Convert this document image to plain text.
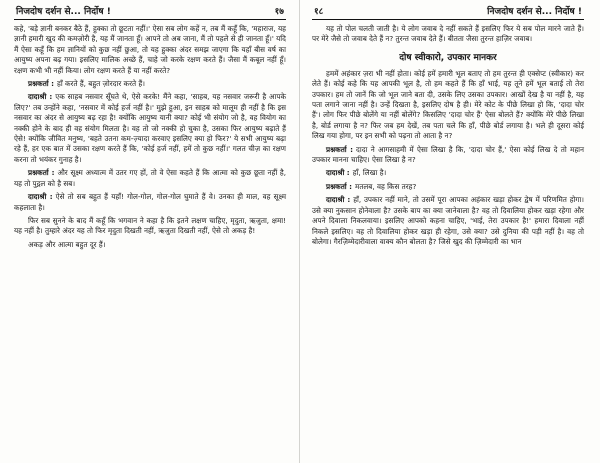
निजदोष दर्शन से... निर्दोष !	१७

कहे, 'बड़े ज्ञानी बनकर बैठे हैं, हुक्का तो छूटता नहीं।' ऐसा सब लोग कहें न, तब मैं कहूँ कि, 'महाराज, यह ज्ञानी हमारी खुद की कमज़ोरी है, यह मैं जानता हूँ। आपने तो अब जाना, मैं तो पहले से ही जानता हूँ।' यदि मैं ऐसा कहूँ कि हम ज्ञानियों को कुछ नहीं छुआ, तो यह हुक्का अंदर समझ जाएगा कि यहाँ बीस वर्ष का आयुष्य अपना बढ़ गया। इसलिए मालिक अच्छे हैं, चाहे जो करके रक्षण करते हैं। जैसा मैं कबूल नहीं हूँ। रक्षण कभी भी नहीं किया। लोग रक्षण करते हैं या नहीं करते?

प्रश्नकर्ता : हाँ करते हैं, बहुत ज़ोरदार करते हैं।

दादाश्री : एक साहब नसवार सूँघते थे, ऐसे करके! मैंने कहा, 'साहब, यह नसवार जरूरी है आपके लिए?' तब उन्होंने कहा, 'नसवार में कोई हर्ज नहीं है।' मुझे हुआ, इन साहब को मालूम ही नहीं है कि इस नसवार का अंदर से आयुष्य बढ़ रहा है! क्योंकि आयुष्य यानी क्या? कोई भी संयोग जो है, वह वियोग का नक्की होने के बाद ही वह संयोग मिलता है। वह तो जो नक्की हो चुका है, उसका फिर आयुष्य बढ़ाते हैं ऐसे! क्योंकि जीवित मनुष्य, 'बहते उतना कम-ज़्यादा करवाए इसलिए क्या हो फिर?' ये सभी आयुष्य बढ़ा रहे हैं, हर एक बात में उसका रक्षण करते हैं कि, 'कोई हर्ज नहीं, हमें तो कुछ नहीं।' गलत चीज़ का रक्षण करना तो भयंकर गुनाह है।

प्रश्नकर्ता : और सूक्ष्म अध्यात्म में उतर गए हों, तो वे ऐसा कहते हैं कि आत्मा को कुछ छूता नहीं है, यह तो पुद्गल को है सब।

दादाश्री : ऐसे तो सब बहुत हैं यहाँ! गोल-गोल, गोल-गोल घुमाते हैं वे। उनका ही माल, वह सूक्ष्म कहलाता है।

फिर सब सुनने के बाद मैं कहूँ कि भगवान ने कहा है कि इतने लक्षण चाहिए, मृदुता, ऋजुता, क्षमा! यह नहीं है। तुम्हारे अंदर यह तो फिर मृदुता दिखती नहीं, ऋजुता दिखती नहीं, ऐसे तो अकड़ है!

अकड़ और आत्मा बहुत दूर हैं।

१८	निजदोष दर्शन से... निर्दोष !

यह तो पोल चलती जाती है। ये लोग जवाब दे नहीं सकते हैं इसलिए फिर ये सब पोल मारने जाते हैं। पर मेरे जैसे तो जवाब देते हैं न? तुरन्त जवाब देते हैं। बीतता जैसा तुरन्त हाज़िर जवाब।

दोष स्वीकारो, उपकार मानकर

हममें अहंकार ज़रा भी नहीं होता। कोई हमें हमारी भूल बताए तो हम तुरन्त ही एक्सेप्ट (स्वीकार) कर लेते हैं। कोई कहे कि यह आपकी भूल है, तो हम कहते हैं कि हाँ भाई, यह तूने हमें भूल बताई तो तेरा उपकार। हम तो जानें कि जो भूल जाने बता दी, उसके लिए उसका उपकार। आखों देख है या नहीं है, यह पता लगाने जाना नहीं है। उन्हें दिखता है, इसलिए दोष है ही। मेरे कोट के पीछे लिखा हो कि, 'दादा चोर हैं'। लोग फिर पीछे बोलेंगे या नहीं बोलेंगे? किसलिए 'दादा चोर हैं' ऐसा बोलते हैं? क्योंकि मेरे पीछे लिखा है, बोर्ड लगाया है न? फिर जब हम देखें, तब पता चले कि हाँ, पीछे बोर्ड लगाया है। भले ही दूसरा कोई लिख गया होगा, पर इन सभी को पढ़ना तो आता है न?

प्रश्नकर्ता : दादा ने आगसाहमी में ऐसा लिखा है कि, 'दादा चोर हैं,' ऐसा कोई लिख दे तो महान उपकार मानना चाहिए। ऐसा लिखा है न?

दादाश्री : हाँ, लिखा है।

प्रश्नकर्ता : मतलब, वह किस तरह?

दादाश्री : हाँ, उपकार नहीं माने, तो उसमें पूरा आपका अहंकार खड़ा होकर द्वेष में परिणमित होगा। उसे क्या नुकसान होनेवाला है? उसके बाप का क्या जानेवाला है? वह तो दिवालिया होकर खड़ा रहेगा और अपने दिवाला निकलवाया। इसलिए आपको कहना चाहिए, 'भाई, तेरा उपकार है!' हमारा दिवाला नहीं निकले इसलिए। वह तो दिवालिया होकर खड़ा ही रहेगा, उसे क्या? उसे दुनिया की पड़ी नहीं है। वह तो बोलेगा। गैरज़िम्मेदारीवाला वाक्य कौन बोलता है? जिसे खुद की ज़िम्मेदारी का भान
